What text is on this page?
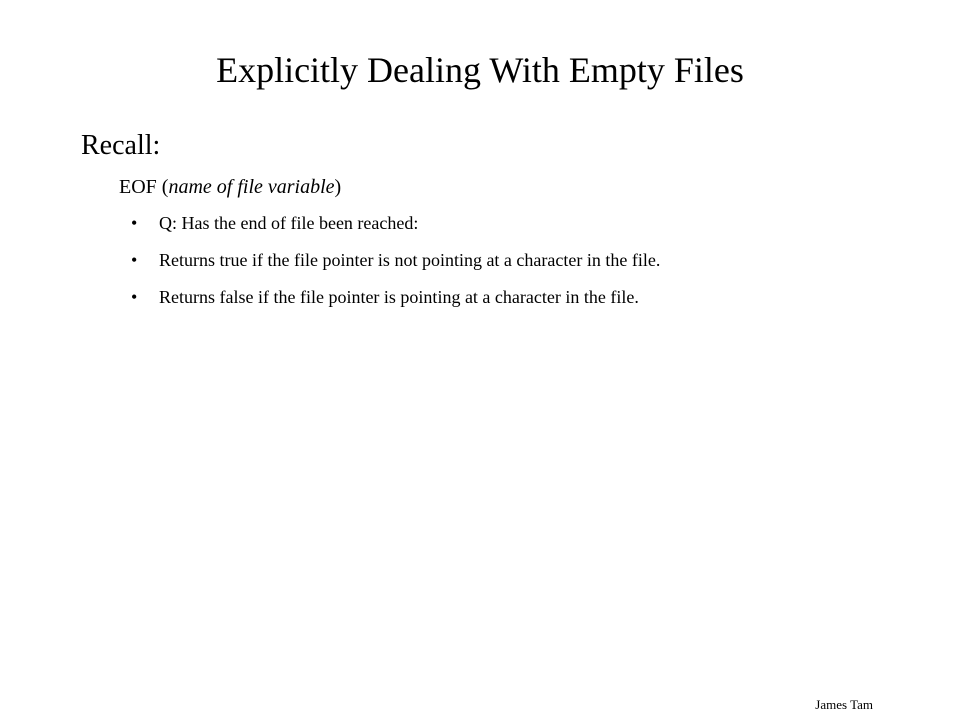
Explicitly Dealing With Empty Files
Recall:
EOF (name of file variable)
• Q: Has the end of file been reached:
• Returns true if the file pointer is not pointing at a character in the file.
• Returns false if the file pointer is pointing at a character in the file.
James Tam
